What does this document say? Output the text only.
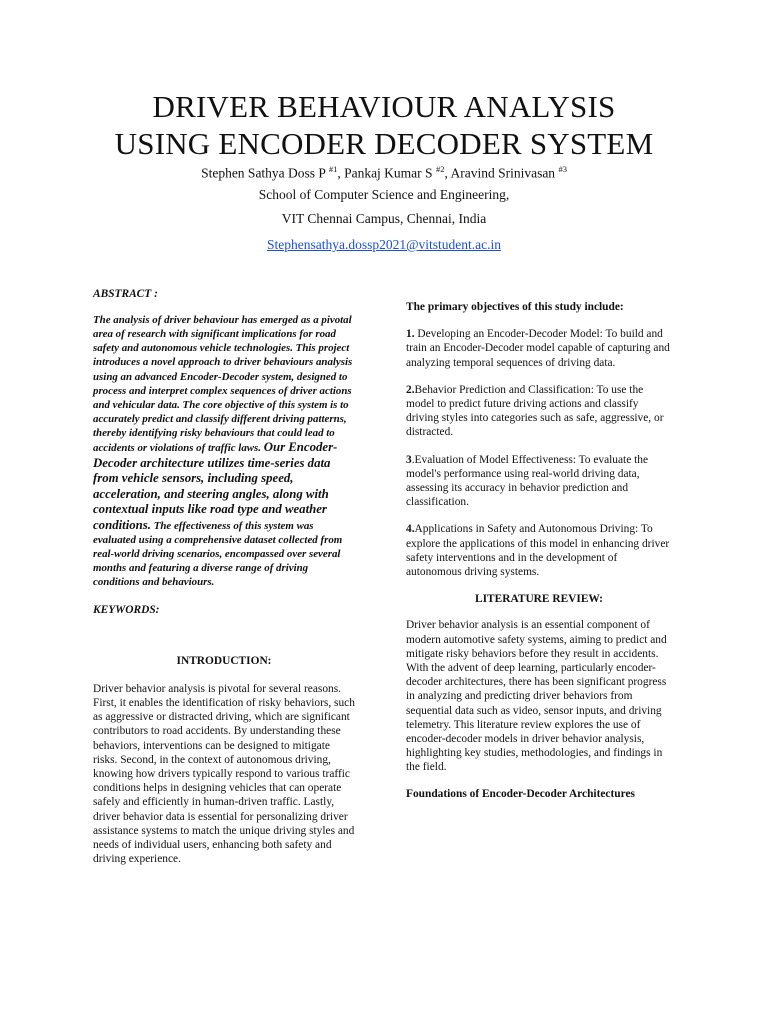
DRIVER BEHAVIOUR ANALYSIS
USING ENCODER DECODER SYSTEM
Stephen Sathya Doss P $^{\#1}$, Pankaj Kumar S $^{\#2}$, Aravind Srinivasan $^{\#3}$
School of Computer Science and Engineering,
VIT Chennai Campus, Chennai, India
Stephensathya.dossp2021@vitstudent.ac.in

ABSTRACT :

The analysis of driver behaviour has emerged as a pivotal area of research with significant implications for road safety and autonomous vehicle technologies. This project introduces a novel approach to driver behaviours analysis using an advanced Encoder-Decoder system, designed to process and interpret complex sequences of driver actions and vehicular data. The core objective of this system is to accurately predict and classify different driving patterns, thereby identifying risky behaviours that could lead to accidents or violations of traffic laws. Our Encoder-Decoder architecture utilizes time-series data from vehicle sensors, including speed, acceleration, and steering angles, along with contextual inputs like road type and weather conditions. The effectiveness of this system was evaluated using a comprehensive dataset collected from real-world driving scenarios, encompassed over several months and featuring a diverse range of driving conditions and behaviours.

KEYWORDS:

INTRODUCTION:

Driver behavior analysis is pivotal for several reasons. First, it enables the identification of risky behaviors, such as aggressive or distracted driving, which are significant contributors to road accidents. By understanding these behaviors, interventions can be designed to mitigate risks. Second, in the context of autonomous driving, knowing how drivers typically respond to various traffic conditions helps in designing vehicles that can operate safely and efficiently in human-driven traffic. Lastly, driver behavior data is essential for personalizing driver assistance systems to match the unique driving styles and needs of individual users, enhancing both safety and driving experience.

The primary objectives of this study include:

1. Developing an Encoder-Decoder Model: To build and train an Encoder-Decoder model capable of capturing and analyzing temporal sequences of driving data.

2.Behavior Prediction and Classification: To use the model to predict future driving actions and classify driving styles into categories such as safe, aggressive, or distracted.

3.Evaluation of Model Effectiveness: To evaluate the model's performance using real-world driving data, assessing its accuracy in behavior prediction and classification.

4.Applications in Safety and Autonomous Driving: To explore the applications of this model in enhancing driver safety interventions and in the development of autonomous driving systems.

LITERATURE REVIEW:

Driver behavior analysis is an essential component of modern automotive safety systems, aiming to predict and mitigate risky behaviors before they result in accidents. With the advent of deep learning, particularly encoder-decoder architectures, there has been significant progress in analyzing and predicting driver behaviors from sequential data such as video, sensor inputs, and driving telemetry. This literature review explores the use of encoder-decoder models in driver behavior analysis, highlighting key studies, methodologies, and findings in the field.

Foundations of Encoder-Decoder Architectures
